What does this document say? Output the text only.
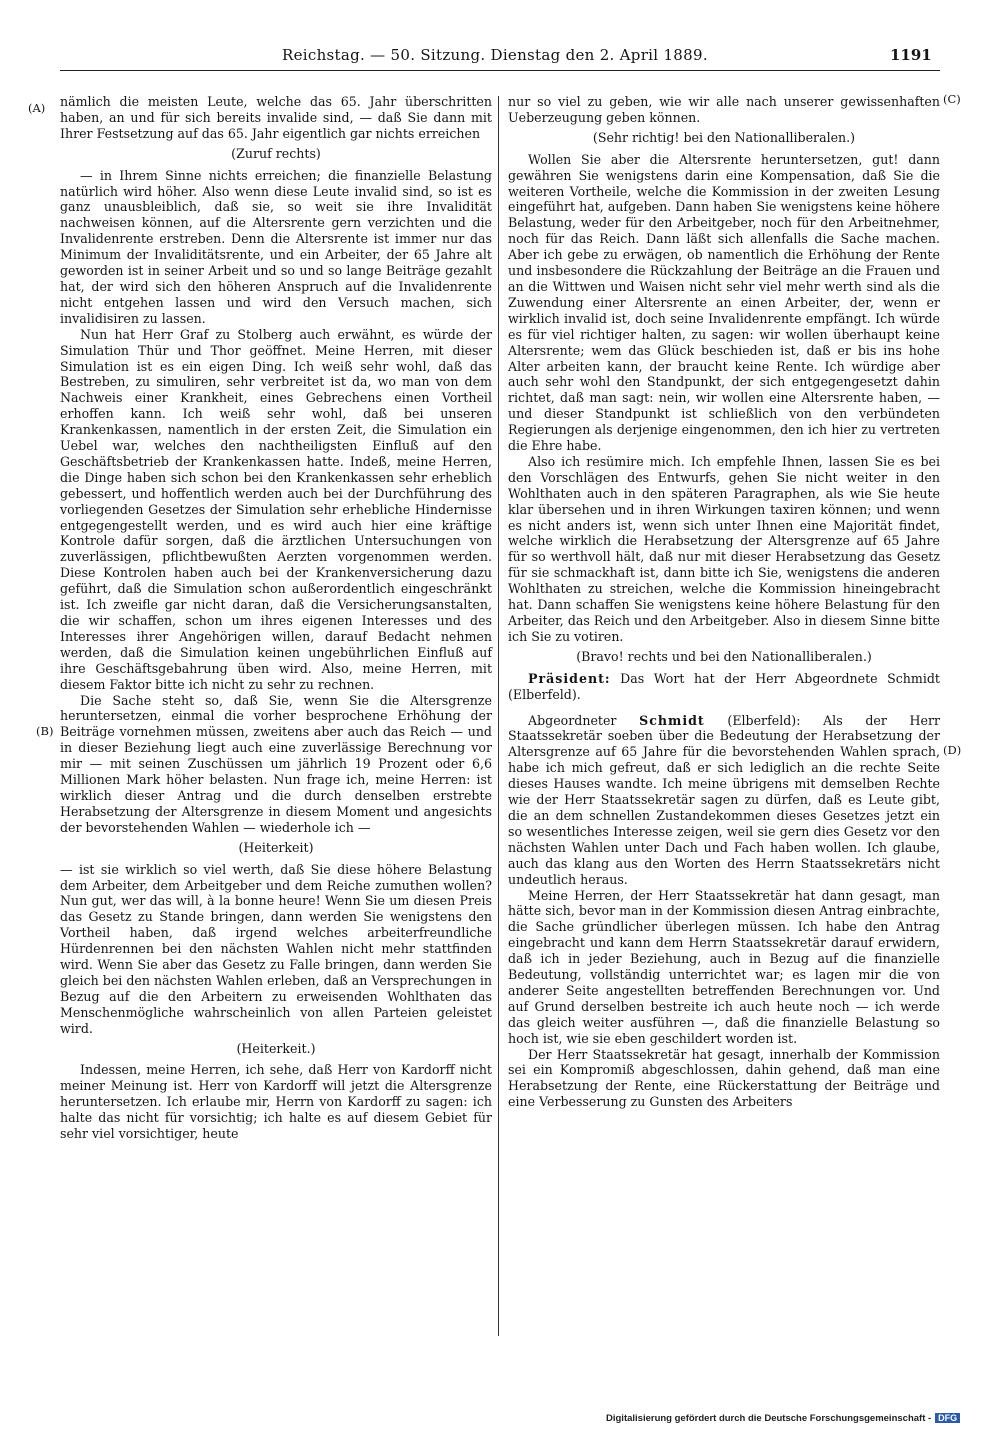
Reichstag. — 50. Sitzung. Dienstag den 2. April 1889.	1191
(A)
(B)
(C)
(D)

nämlich die meisten Leute, welche das 65. Jahr überschritten haben, an und für sich bereits invalide sind, — daß Sie dann mit Ihrer Festsetzung auf das 65. Jahr eigentlich gar nichts erreichen

(Zuruf rechts)

— in Ihrem Sinne nichts erreichen; die finanzielle Belastung natürlich wird höher. Also wenn diese Leute invalid sind, so ist es ganz unausbleiblich, daß sie, so weit sie ihre Invalidität nachweisen können, auf die Altersrente gern verzichten und die Invalidenrente erstreben. Denn die Altersrente ist immer nur das Minimum der Invaliditätsrente, und ein Arbeiter, der 65 Jahre alt geworden ist in seiner Arbeit und so und so lange Beiträge gezahlt hat, der wird sich den höheren Anspruch auf die Invalidenrente nicht entgehen lassen und wird den Versuch machen, sich invalidisiren zu lassen.

Nun hat Herr Graf zu Stolberg auch erwähnt, es würde der Simulation Thür und Thor geöffnet. Meine Herren, mit dieser Simulation ist es ein eigen Ding. Ich weiß sehr wohl, daß das Bestreben, zu simuliren, sehr verbreitet ist da, wo man von dem Nachweis einer Krankheit, eines Gebrechens einen Vortheil erhoffen kann. Ich weiß sehr wohl, daß bei unseren Krankenkassen, namentlich in der ersten Zeit, die Simulation ein Uebel war, welches den nachtheiligsten Einfluß auf den Geschäftsbetrieb der Krankenkassen hatte. Indeß, meine Herren, die Dinge haben sich schon bei den Krankenkassen sehr erheblich gebessert, und hoffentlich werden auch bei der Durchführung des vorliegenden Gesetzes der Simulation sehr erhebliche Hindernisse entgegengestellt werden, und es wird auch hier eine kräftige Kontrole dafür sorgen, daß die ärztlichen Untersuchungen von zuverlässigen, pflichtbewußten Aerzten vorgenommen werden. Diese Kontrolen haben auch bei der Krankenversicherung dazu geführt, daß die Simulation schon außerordentlich eingeschränkt ist. Ich zweifle gar nicht daran, daß die Versicherungsanstalten, die wir schaffen, schon um ihres eigenen Interesses und des Interesses ihrer Angehörigen willen, darauf Bedacht nehmen werden, daß die Simulation keinen ungebührlichen Einfluß auf ihre Geschäftsgebahrung üben wird. Also, meine Herren, mit diesem Faktor bitte ich nicht zu sehr zu rechnen.

Die Sache steht so, daß Sie, wenn Sie die Altersgrenze heruntersetzen, einmal die vorher besprochene Erhöhung der Beiträge vornehmen müssen, zweitens aber auch das Reich — und in dieser Beziehung liegt auch eine zuverlässige Berechnung vor mir — mit seinen Zuschüssen um jährlich 19 Prozent oder 6,6 Millionen Mark höher belasten. Nun frage ich, meine Herren: ist wirklich dieser Antrag und die durch denselben erstrebte Herabsetzung der Altersgrenze in diesem Moment und angesichts der bevorstehenden Wahlen — wiederhole ich —

(Heiterkeit)

— ist sie wirklich so viel werth, daß Sie diese höhere Belastung dem Arbeiter, dem Arbeitgeber und dem Reiche zumuthen wollen? Nun gut, wer das will, à la bonne heure! Wenn Sie um diesen Preis das Gesetz zu Stande bringen, dann werden Sie wenigstens den Vortheil haben, daß irgend welches arbeiterfreundliche Hürdenrennen bei den nächsten Wahlen nicht mehr stattfinden wird. Wenn Sie aber das Gesetz zu Falle bringen, dann werden Sie gleich bei den nächsten Wahlen erleben, daß an Versprechungen in Bezug auf die den Arbeitern zu erweisenden Wohlthaten das Menschenmögliche wahrscheinlich von allen Parteien geleistet wird.

(Heiterkeit.)

Indessen, meine Herren, ich sehe, daß Herr von Kardorff nicht meiner Meinung ist. Herr von Kardorff will jetzt die Altersgrenze heruntersetzen. Ich erlaube mir, Herrn von Kardorff zu sagen: ich halte das nicht für vorsichtig; ich halte es auf diesem Gebiet für sehr viel vorsichtiger, heute

nur so viel zu geben, wie wir alle nach unserer gewissenhaften Ueberzeugung geben können.

(Sehr richtig! bei den Nationalliberalen.)

Wollen Sie aber die Altersrente heruntersetzen, gut! dann gewähren Sie wenigstens darin eine Kompensation, daß Sie die weiteren Vortheile, welche die Kommission in der zweiten Lesung eingeführt hat, aufgeben. Dann haben Sie wenigstens keine höhere Belastung, weder für den Arbeitgeber, noch für den Arbeitnehmer, noch für das Reich. Dann läßt sich allenfalls die Sache machen. Aber ich gebe zu erwägen, ob namentlich die Erhöhung der Rente und insbesondere die Rückzahlung der Beiträge an die Frauen und an die Wittwen und Waisen nicht sehr viel mehr werth sind als die Zuwendung einer Altersrente an einen Arbeiter, der, wenn er wirklich invalid ist, doch seine Invalidenrente empfängt. Ich würde es für viel richtiger halten, zu sagen: wir wollen überhaupt keine Altersrente; wem das Glück beschieden ist, daß er bis ins hohe Alter arbeiten kann, der braucht keine Rente. Ich würdige aber auch sehr wohl den Standpunkt, der sich entgegengesetzt dahin richtet, daß man sagt: nein, wir wollen eine Altersrente haben, — und dieser Standpunkt ist schließlich von den verbündeten Regierungen als derjenige eingenommen, den ich hier zu vertreten die Ehre habe.

Also ich resümire mich. Ich empfehle Ihnen, lassen Sie es bei den Vorschlägen des Entwurfs, gehen Sie nicht weiter in den Wohlthaten auch in den späteren Paragraphen, als wie Sie heute klar übersehen und in ihren Wirkungen taxiren können; und wenn es nicht anders ist, wenn sich unter Ihnen eine Majorität findet, welche wirklich die Herabsetzung der Altersgrenze auf 65 Jahre für so werthvoll hält, daß nur mit dieser Herabsetzung das Gesetz für sie schmackhaft ist, dann bitte ich Sie, wenigstens die anderen Wohlthaten zu streichen, welche die Kommission hineingebracht hat. Dann schaffen Sie wenigstens keine höhere Belastung für den Arbeiter, das Reich und den Arbeitgeber. Also in diesem Sinne bitte ich Sie zu votiren.

(Bravo! rechts und bei den Nationalliberalen.)

Präsident: Das Wort hat der Herr Abgeordnete Schmidt (Elberfeld).

Abgeordneter Schmidt (Elberfeld): Als der Herr Staatssekretär soeben über die Bedeutung der Herabsetzung der Altersgrenze auf 65 Jahre für die bevorstehenden Wahlen sprach, habe ich mich gefreut, daß er sich lediglich an die rechte Seite dieses Hauses wandte. Ich meine übrigens mit demselben Rechte wie der Herr Staatssekretär sagen zu dürfen, daß es Leute gibt, die an dem schnellen Zustandekommen dieses Gesetzes jetzt ein so wesentliches Interesse zeigen, weil sie gern dies Gesetz vor den nächsten Wahlen unter Dach und Fach haben wollen. Ich glaube, auch das klang aus den Worten des Herrn Staatssekretärs nicht undeutlich heraus.

Meine Herren, der Herr Staatssekretär hat dann gesagt, man hätte sich, bevor man in der Kommission diesen Antrag einbrachte, die Sache gründlicher überlegen müssen. Ich habe den Antrag eingebracht und kann dem Herrn Staatssekretär darauf erwidern, daß ich in jeder Beziehung, auch in Bezug auf die finanzielle Bedeutung, vollständig unterrichtet war; es lagen mir die von anderer Seite angestellten betreffenden Berechnungen vor. Und auf Grund derselben bestreite ich auch heute noch — ich werde das gleich weiter ausführen —, daß die finanzielle Belastung so hoch ist, wie sie eben geschildert worden ist.

Der Herr Staatssekretär hat gesagt, innerhalb der Kommission sei ein Kompromiß abgeschlossen, dahin gehend, daß man eine Herabsetzung der Rente, eine Rückerstattung der Beiträge und eine Verbesserung zu Gunsten des Arbeiters

Digitalisierung gefördert durch die Deutsche Forschungsgemeinschaft - DFG
